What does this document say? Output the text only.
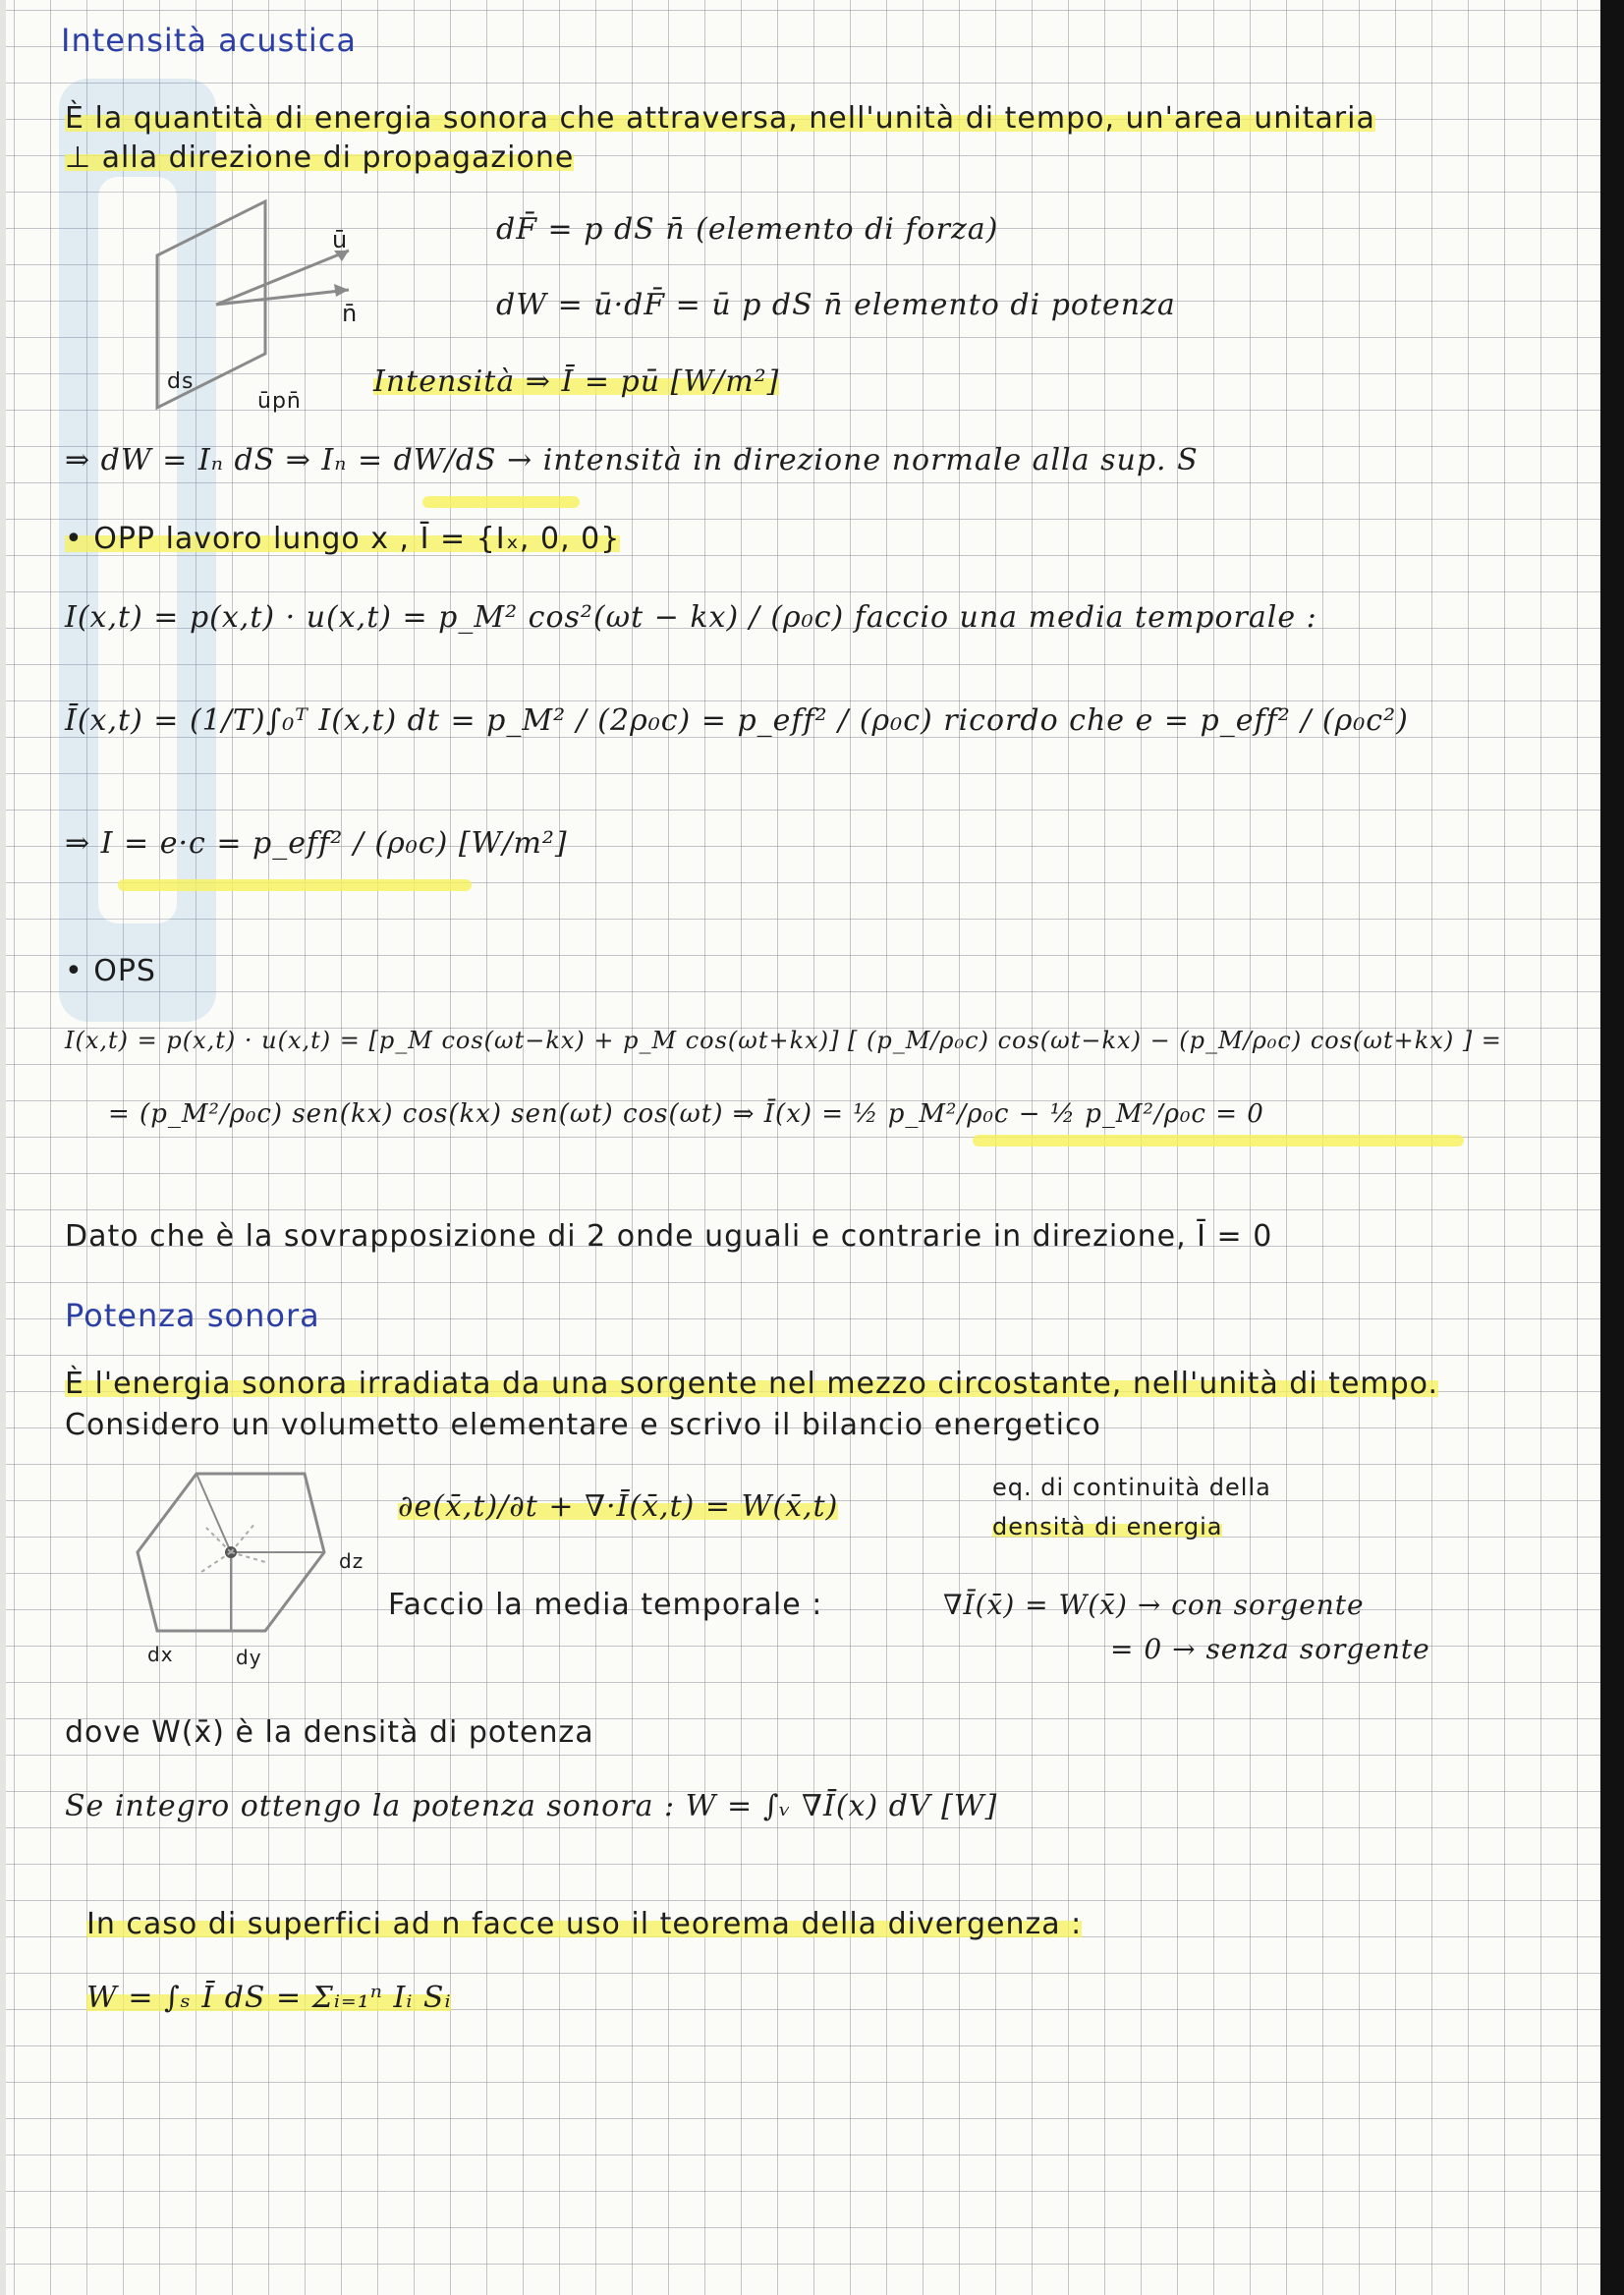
Intensità acustica
È la quantità di energia sonora che attraversa, nell'unità di tempo, un'area unitaria
⊥ alla direzione di propagazione
ū
n̄
ds
ūpn̄
dF̄ = p dS n̄ (elemento di forza)
dW = ū·dF̄ = ū p dS n̄ elemento di potenza
Intensità ⇒ Ī = pū [W/m²]
⇒ dW = Iₙ dS ⇒ Iₙ = dW/dS → intensità in direzione normale alla sup. S
• OPP lavoro lungo x , Ī = {Iₓ, 0, 0}
I(x,t) = p(x,t) · u(x,t) = p_M² cos²(ωt − kx) / (ρ₀c) faccio una media temporale :
Ī(x,t) = (1/T)∫₀ᵀ I(x,t) dt = p_M² / (2ρ₀c) = p_eff² / (ρ₀c) ricordo che e = p_eff² / (ρ₀c²)
⇒ I = e·c = p_eff² / (ρ₀c) [W/m²]
• OPS
I(x,t) = p(x,t) · u(x,t) = [p_M cos(ωt−kx) + p_M cos(ωt+kx)] [ (p_M/ρ₀c) cos(ωt−kx) − (p_M/ρ₀c) cos(ωt+kx) ] =
= (p_M²/ρ₀c) sen(kx) cos(kx) sen(ωt) cos(ωt) ⇒ Ī(x) = ½ p_M²/ρ₀c − ½ p_M²/ρ₀c = 0
Dato che è la sovrapposizione di 2 onde uguali e contrarie in direzione, Ī = 0
Potenza sonora
È l'energia sonora irradiata da una sorgente nel mezzo circostante, nell'unità di tempo.
Considero un volumetto elementare e scrivo il bilancio energetico
dx	dy
dz
∂e(x̄,t)/∂t + ∇·Ī(x̄,t) = W(x̄,t)
eq. di continuità della
densità di energia
Faccio la media temporale :	∇Ī(x̄) = W(x̄) → con sorgente
= 0 → senza sorgente
dove W(x̄) è la densità di potenza
Se integro ottengo la potenza sonora : W = ∫ᵥ ∇Ī(x) dV [W]
In caso di superfici ad n facce uso il teorema della divergenza :
W = ∫ₛ Ī dS = Σᵢ₌₁ⁿ Iᵢ Sᵢ
